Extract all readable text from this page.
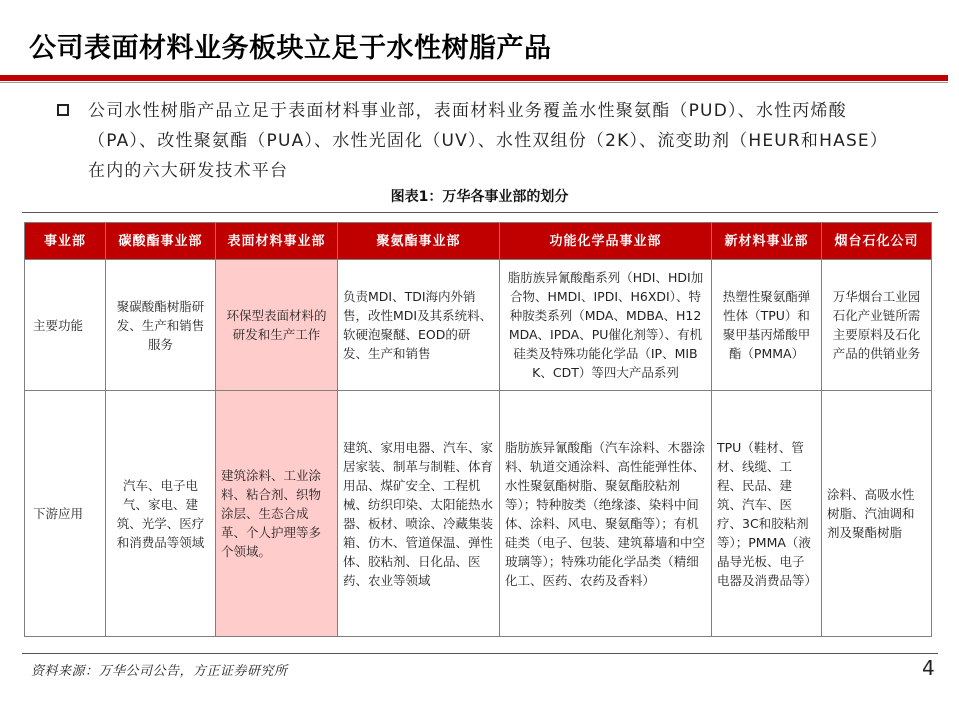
公司表面材料业务板块立足于水性树脂产品
公司水性树脂产品立足于表面材料事业部，表面材料业务覆盖水性聚氨酯（PUD）、水性丙烯酸（PA）、改性聚氨酯（PUA）、水性光固化（UV）、水性双组份（2K）、流变助剂（HEUR和HASE）在内的六大研发技术平台
图表1：万华各事业部的划分
事业部	碳酸酯事业部	表面材料事业部	聚氨酯事业部	功能化学品事业部	新材料事业部	烟台石化公司
主要功能	聚碳酸酯树脂研发、生产和销售服务	环保型表面材料的研发和生产工作	负责MDI、TDI海内外销售，改性MDI及其系统料、软硬泡聚醚、EOD的研发、生产和销售	脂肪族异氰酸酯系列（HDI、HDI加合物、HMDI、IPDI、H6XDI）、特种胺类系列（MDA、MDBA、H12MDA、IPDA、PU催化剂等）、有机硅类及特殊功能化学品（IP、MIBK、CDT）等四大产品系列	热塑性聚氨酯弹性体（TPU）和聚甲基丙烯酸甲酯（PMMA）	万华烟台工业园石化产业链所需主要原料及石化产品的供销业务
下游应用	汽车、电子电气、家电、建筑、光学、医疗和消费品等领域	建筑涂料、工业涂料、粘合剂、织物涂层、生态合成革、个人护理等多个领域。	建筑、家用电器、汽车、家居家装、制革与制鞋、体育用品、煤矿安全、工程机械、纺织印染、太阳能热水器、板材、喷涂、冷藏集装箱、仿木、管道保温、弹性体、胶粘剂、日化品、医药、农业等领域	脂肪族异氰酸酯（汽车涂料、木器涂料、轨道交通涂料、高性能弹性体、水性聚氨酯树脂、聚氨酯胶粘剂等）；特种胺类（绝缘漆、染料中间体、涂料、风电、聚氨酯等）；有机硅类（电子、包装、建筑幕墙和中空玻璃等）；特殊功能化学品类（精细化工、医药、农药及香料）	TPU（鞋材、管材、线缆、工程、民品、建筑、汽车、医疗、3C和胶粘剂等）；PMMA（液晶导光板、电子电器及消费品等）	涂料、高吸水性树脂、汽油调和剂及聚酯树脂
资料来源：万华公司公告，方正证券研究所	4
